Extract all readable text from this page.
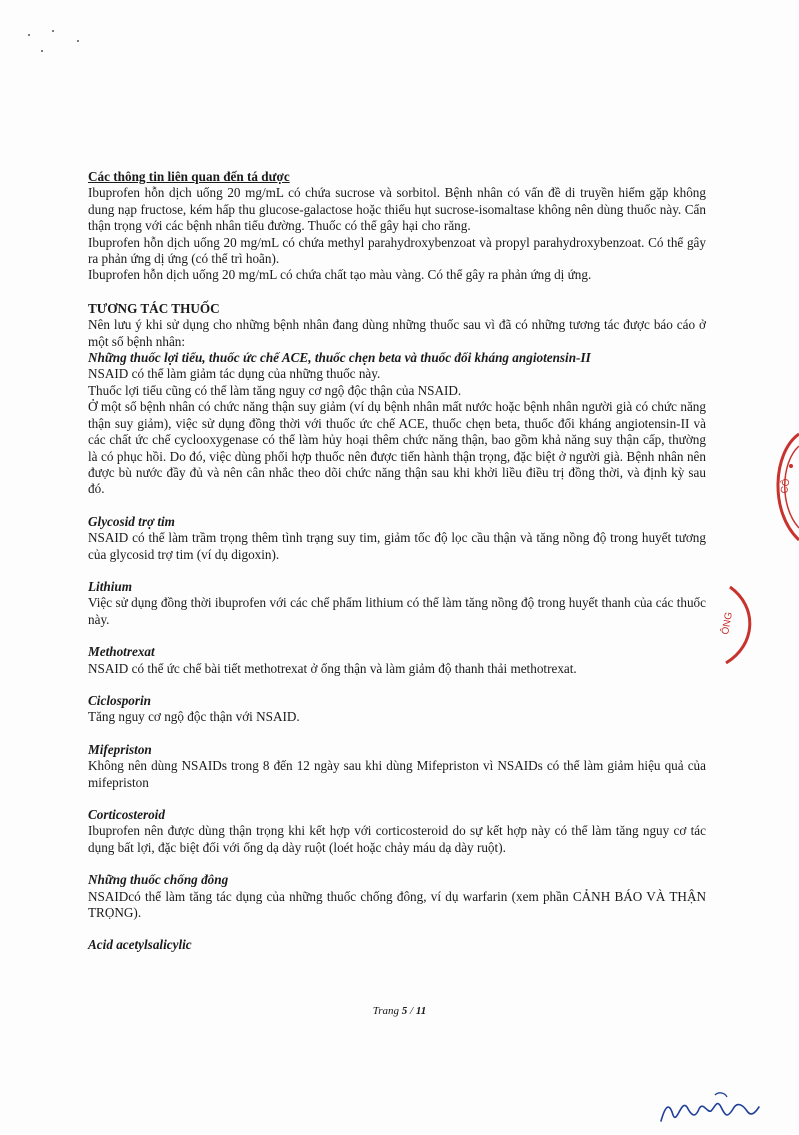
Các thông tin liên quan đến tá dược

Ibuprofen hỗn dịch uống 20 mg/mL có chứa sucrose và sorbitol. Bệnh nhân có vấn đề di truyền hiếm gặp không dung nạp fructose, kém hấp thu glucose-galactose hoặc thiếu hụt sucrose-isomaltase không nên dùng thuốc này. Cẩn thận trọng với các bệnh nhân tiểu đường. Thuốc có thể gây hại cho răng.

Ibuprofen hỗn dịch uống 20 mg/mL có chứa methyl parahydroxybenzoat và propyl parahydroxybenzoat. Có thể gây ra phản ứng dị ứng (có thể trì hoãn).

Ibuprofen hỗn dịch uống 20 mg/mL có chứa chất tạo màu vàng. Có thể gây ra phản ứng dị ứng.

TƯƠNG TÁC THUỐC

Nên lưu ý khi sử dụng cho những bệnh nhân đang dùng những thuốc sau vì đã có những tương tác được báo cáo ở một số bệnh nhân:

Những thuốc lợi tiểu, thuốc ức chế ACE, thuốc chẹn beta và thuốc đối kháng angiotensin-II

NSAID có thể làm giảm tác dụng của những thuốc này.

Thuốc lợi tiểu cũng có thể làm tăng nguy cơ ngộ độc thận của NSAID.

Ở một số bệnh nhân có chức năng thận suy giảm (ví dụ bệnh nhân mất nước hoặc bệnh nhân người già có chức năng thận suy giảm), việc sử dụng đồng thời với thuốc ức chế ACE, thuốc chẹn beta, thuốc đối kháng angiotensin-II và các chất ức chế cyclooxygenase có thể làm hủy hoại thêm chức năng thận, bao gồm khả năng suy thận cấp, thường là có phục hồi. Do đó, việc dùng phối hợp thuốc nên được tiến hành thận trọng, đặc biệt ở người già. Bệnh nhân nên được bù nước đầy đủ và nên cân nhắc theo dõi chức năng thận sau khi khởi liều điều trị đồng thời, và định kỳ sau đó.

Glycosid trợ tim

NSAID có thể làm trầm trọng thêm tình trạng suy tim, giảm tốc độ lọc cầu thận và tăng nồng độ trong huyết tương của glycosid trợ tim (ví dụ digoxin).

Lithium

Việc sử dụng đồng thời ibuprofen với các chế phẩm lithium có thể làm tăng nồng độ trong huyết thanh của các thuốc này.

Methotrexat

NSAID có thể ức chế bài tiết methotrexat ở ống thận và làm giảm độ thanh thải methotrexat.

Ciclosporin

Tăng nguy cơ ngộ độc thận với NSAID.

Mifepriston

Không nên dùng NSAIDs trong 8 đến 12 ngày sau khi dùng Mifepriston vì NSAIDs có thể làm giảm hiệu quả của mifepriston

Corticosteroid

Ibuprofen nên được dùng thận trọng khi kết hợp với corticosteroid do sự kết hợp này có thể làm tăng nguy cơ tác dụng bất lợi, đặc biệt đối với ống dạ dày ruột (loét hoặc chảy máu dạ dày ruột).

Những thuốc chống đông

NSAIDcó thể làm tăng tác dụng của những thuốc chống đông, ví dụ warfarin (xem phần CẢNH BÁO VÀ THẬN TRỌNG).

Acid acetylsalicylic

CÔ
ÔNG
Trang 5 / 11
